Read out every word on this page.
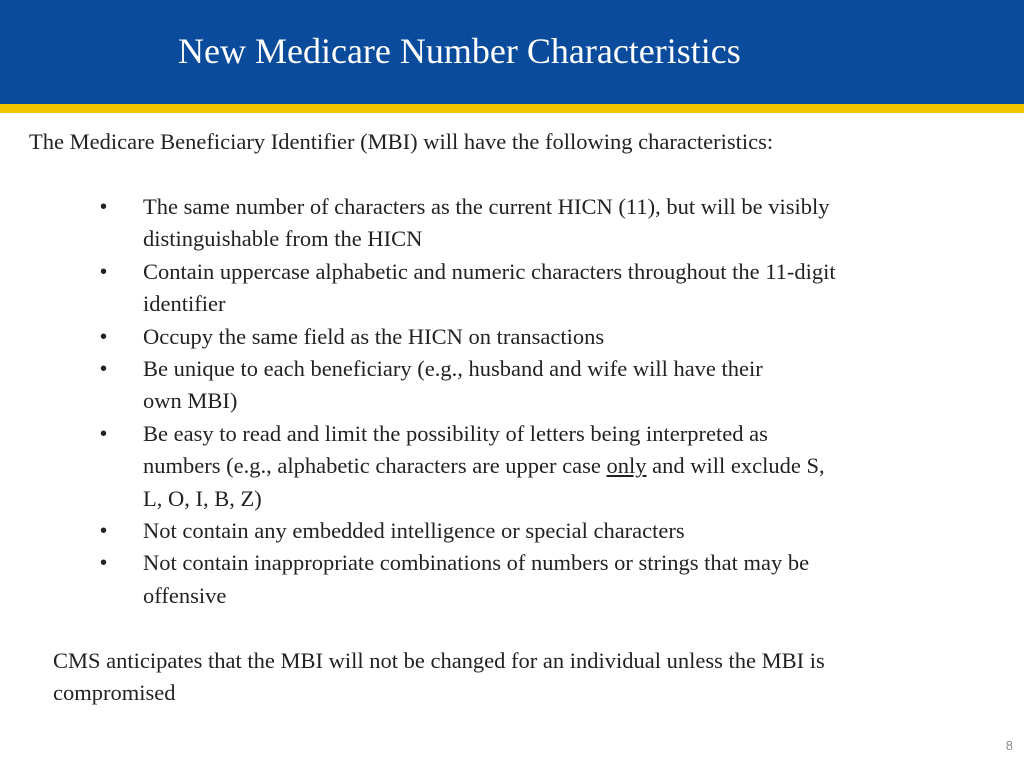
New Medicare Number Characteristics

The Medicare Beneficiary Identifier (MBI) will have the following characteristics:

• The same number of characters as the current HICN (11), but will be visibly
distinguishable from the HICN
• Contain uppercase alphabetic and numeric characters throughout the 11-digit
identifier
• Occupy the same field as the HICN on transactions
• Be unique to each beneficiary (e.g., husband and wife will have their
own MBI)
• Be easy to read and limit the possibility of letters being interpreted as
numbers (e.g., alphabetic characters are upper case only and will exclude S,
L, O, I, B, Z)
• Not contain any embedded intelligence or special characters
• Not contain inappropriate combinations of numbers or strings that may be
offensive

CMS anticipates that the MBI will not be changed for an individual unless the MBI is
compromised

8
